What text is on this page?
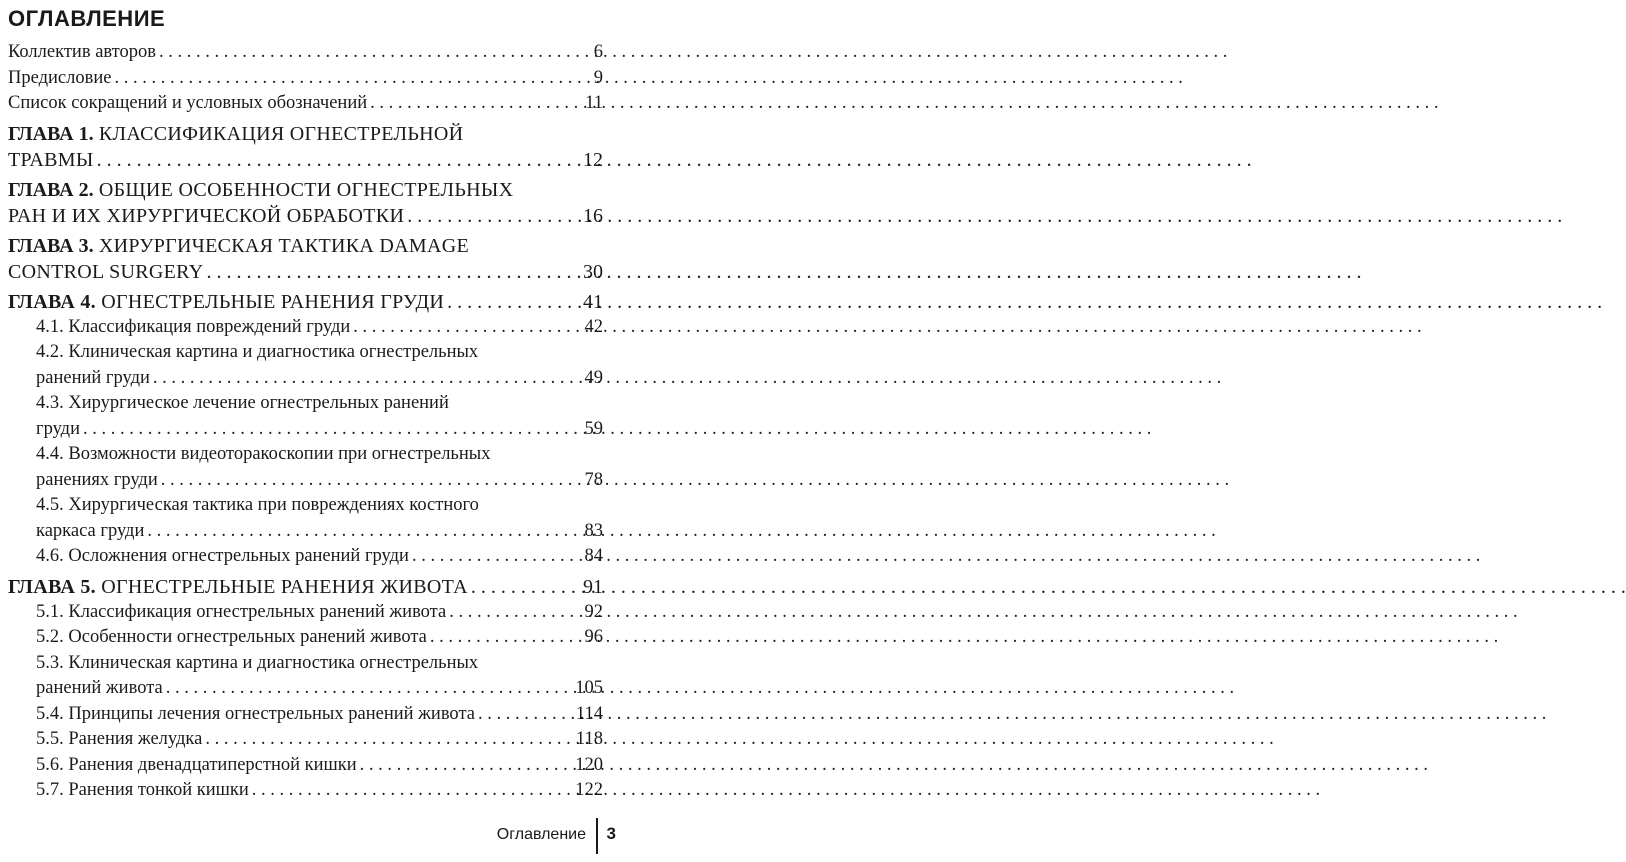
ОГЛАВЛЕНИЕ
Коллектив авторов . . .	6
Предисловие . . .	9
Список сокращений и условных обозначений . . .	11
ГЛАВА 1. КЛАССИФИКАЦИЯ ОГНЕСТРЕЛЬНОЙ
ТРАВМЫ . . .	12
ГЛАВА 2. ОБЩИЕ ОСОБЕННОСТИ ОГНЕСТРЕЛЬНЫХ
РАН И ИХ ХИРУРГИЧЕСКОЙ ОБРАБОТКИ . . .	16
ГЛАВА 3. ХИРУРГИЧЕСКАЯ ТАКТИКА DAMAGE
CONTROL SURGERY . . .	30
ГЛАВА 4. ОГНЕСТРЕЛЬНЫЕ РАНЕНИЯ ГРУДИ . . .	41
4.1. Классификация повреждений груди . . .	42
4.2. Клиническая картина и диагностика огнестрельных
ранений груди . . .	49
4.3. Хирургическое лечение огнестрельных ранений
груди . . .	59
4.4. Возможности видеоторакоскопии при огнестрельных
ранениях груди . . .	78
4.5. Хирургическая тактика при повреждениях костного
каркаса груди . . .	83
4.6. Осложнения огнестрельных ранений груди . . .	84
ГЛАВА 5. ОГНЕСТРЕЛЬНЫЕ РАНЕНИЯ ЖИВОТА . . .	91
5.1. Классификация огнестрельных ранений живота . . .	92
5.2. Особенности огнестрельных ранений живота . . .	96
5.3. Клиническая картина и диагностика огнестрельных
ранений живота . . .	105
5.4. Принципы лечения огнестрельных ранений живота . . .	114
5.5. Ранения желудка . . .	118
5.6. Ранения двенадцатиперстной кишки . . .	120
5.7. Ранения тонкой кишки . . .	122
Оглавление 3
